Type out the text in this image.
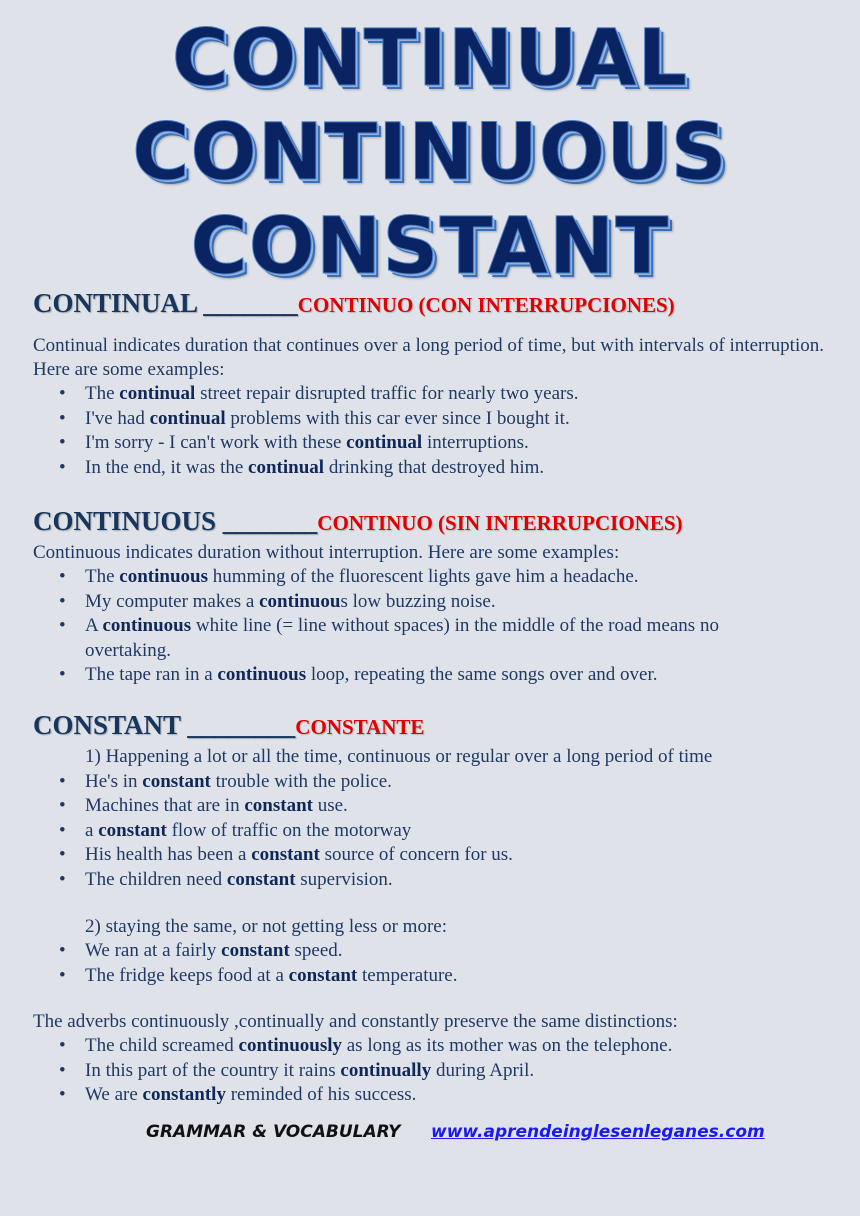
CONTINUAL
CONTINUOUS
CONSTANT
CONTINUAL _______CONTINUO (CON INTERRUPCIONES)

Continual indicates duration that continues over a long period of time, but with intervals of interruption. Here are some examples:

• The continual street repair disrupted traffic for nearly two years.
• I've had continual problems with this car ever since I bought it.
• I'm sorry - I can't work with these continual interruptions.
• In the end, it was the continual drinking that destroyed him.
CONTINUOUS _______CONTINUO (SIN INTERRUPCIONES)

Continuous indicates duration without interruption. Here are some examples:

• The continuous humming of the fluorescent lights gave him a headache.
• My computer makes a continuous low buzzing noise.
• A continuous white line (= line without spaces) in the middle of the road means no overtaking.
• The tape ran in a continuous loop, repeating the same songs over and over.
CONSTANT ________CONSTANTE
1) Happening a lot or all the time, continuous or regular over a long period of time
• He's in constant trouble with the police.
• Machines that are in constant use.
• a constant flow of traffic on the motorway
• His health has been a constant source of concern for us.
• The children need constant supervision.
2) staying the same, or not getting less or more:
• We ran at a fairly constant speed.
• The fridge keeps food at a constant temperature.

The adverbs continuously ,continually and constantly preserve the same distinctions:

• The child screamed continuously as long as its mother was on the telephone.
• In this part of the country it rains continually during April.
• We are constantly reminded of his success.
GRAMMAR & VOCABULARY www.aprendeinglesenleganes.com
